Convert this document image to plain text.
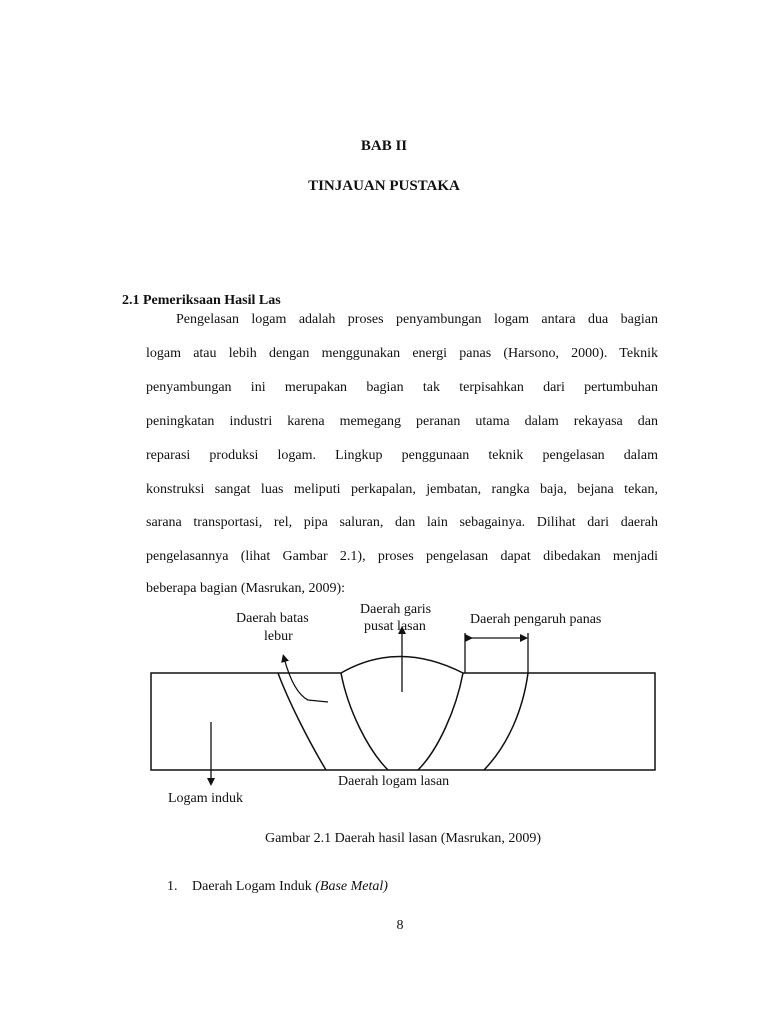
BAB II
TINJAUAN PUSTAKA

2.1 Pemeriksaan Hasil Las

Pengelasan logam adalah proses penyambungan logam antara dua bagian

logam atau lebih dengan menggunakan energi panas (Harsono, 2000). Teknik

penyambungan ini merupakan bagian tak terpisahkan dari pertumbuhan

peningkatan industri karena memegang peranan utama dalam rekayasa dan

reparasi produksi logam. Lingkup penggunaan teknik pengelasan dalam

konstruksi sangat luas meliputi perkapalan, jembatan, rangka baja, bejana tekan,

sarana transportasi, rel, pipa saluran, dan lain sebagainya. Dilihat dari daerah

pengelasannya (lihat Gambar 2.1), proses pengelasan dapat dibedakan menjadi

beberapa bagian (Masrukan, 2009):

Daerah batas

lebur

Daerah garis

pusat lasan	Daerah pengaruh panas

Daerah logam lasan

Logam induk

Gambar 2.1 Daerah hasil lasan (Masrukan, 2009)

1. Daerah Logam Induk (Base Metal)

8
